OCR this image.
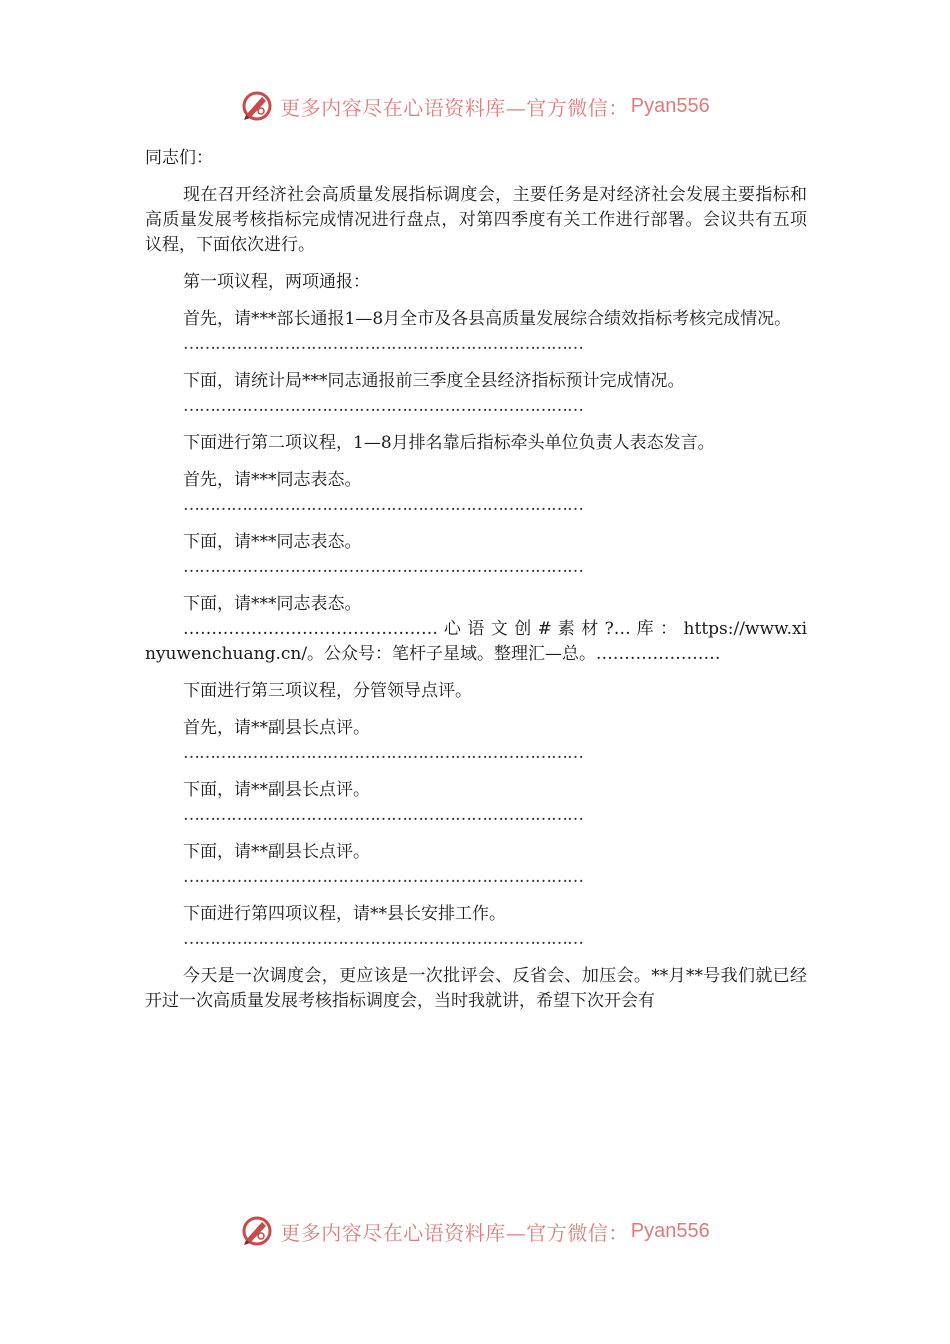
更多内容尽在心语资料库—官方微信： Pyan556

同志们：

现在召开经济社会高质量发展指标调度会，主要任务是对经济社会发展主要指标和高质量发展考核指标完成情况进行盘点，对第四季度有关工作进行部署。会议共有五项议程，下面依次进行。

第一项议程，两项通报：

首先，请***部长通报1—8月全市及各县高质量发展综合绩效指标考核完成情况。

…………………………………………………………………

下面，请统计局***同志通报前三季度全县经济指标预计完成情况。

…………………………………………………………………

下面进行第二项议程，1—8月排名靠后指标牵头单位负责人表态发言。

首先，请***同志表态。

…………………………………………………………………

下面，请***同志表态。

…………………………………………………………………

下面，请***同志表态。

……………………………………… 心 语 文 创 # 素 材 ?… 库 ： https://www.xinyuwenchuang.cn/。公众号：笔杆子星域。整理汇—总。.…………………

下面进行第三项议程，分管领导点评。

首先，请**副县长点评。

…………………………………………………………………

下面，请**副县长点评。

…………………………………………………………………

下面，请**副县长点评。

…………………………………………………………………

下面进行第四项议程，请**县长安排工作。

…………………………………………………………………

今天是一次调度会，更应该是一次批评会、反省会、加压会。**月**号我们就已经开过一次高质量发展考核指标调度会，当时我就讲，希望下次开会有

更多内容尽在心语资料库—官方微信： Pyan556
